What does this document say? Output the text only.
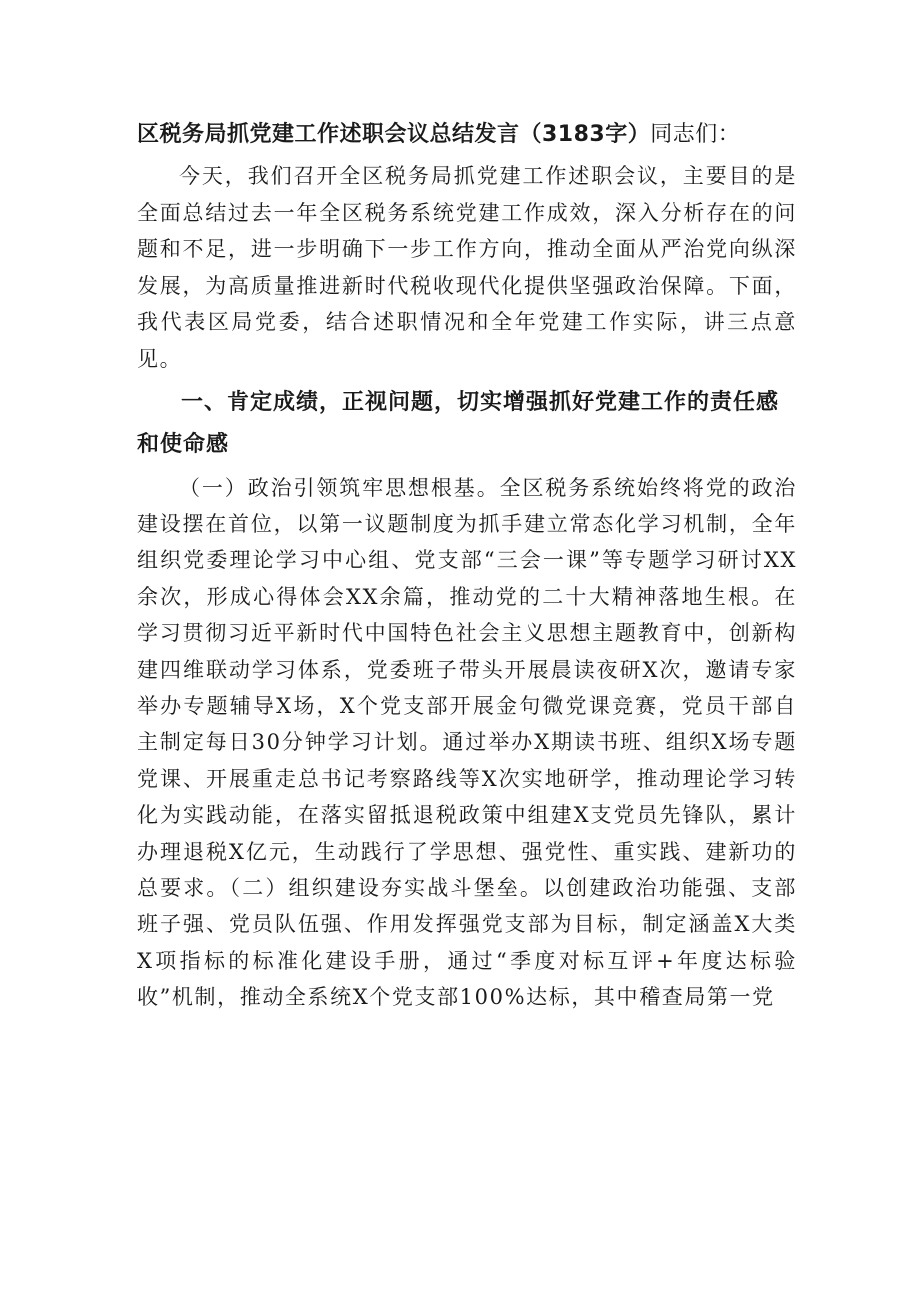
区税务局抓党建工作述职会议总结发言（3183字）同志们：

今天，我们召开全区税务局抓党建工作述职会议，主要目的是全面总结过去一年全区税务系统党建工作成效，深入分析存在的问题和不足，进一步明确下一步工作方向，推动全面从严治党向纵深发展，为高质量推进新时代税收现代化提供坚强政治保障。下面，我代表区局党委，结合述职情况和全年党建工作实际，讲三点意见。

一、肯定成绩，正视问题，切实增强抓好党建工作的责任感和使命感

（一）政治引领筑牢思想根基。全区税务系统始终将党的政治建设摆在首位，以第一议题制度为抓手建立常态化学习机制，全年组织党委理论学习中心组、党支部“三会一课”等专题学习研讨XX余次，形成心得体会XX余篇，推动党的二十大精神落地生根。在学习贯彻习近平新时代中国特色社会主义思想主题教育中，创新构建四维联动学习体系，党委班子带头开展晨读夜研X次，邀请专家举办专题辅导X场，X个党支部开展金句微党课竞赛，党员干部自主制定每日30分钟学习计划。通过举办X期读书班、组织X场专题党课、开展重走总书记考察路线等X次实地研学，推动理论学习转化为实践动能，在落实留抵退税政策中组建X支党员先锋队，累计办理退税X亿元，生动践行了学思想、强党性、重实践、建新功的总要求。（二）组织建设夯实战斗堡垒。以创建政治功能强、支部班子强、党员队伍强、作用发挥强党支部为目标，制定涵盖X大类X项指标的标准化建设手册，通过“季度对标互评+年度达标验收”机制，推动全系统X个党支部100%达标，其中稽查局第一党
